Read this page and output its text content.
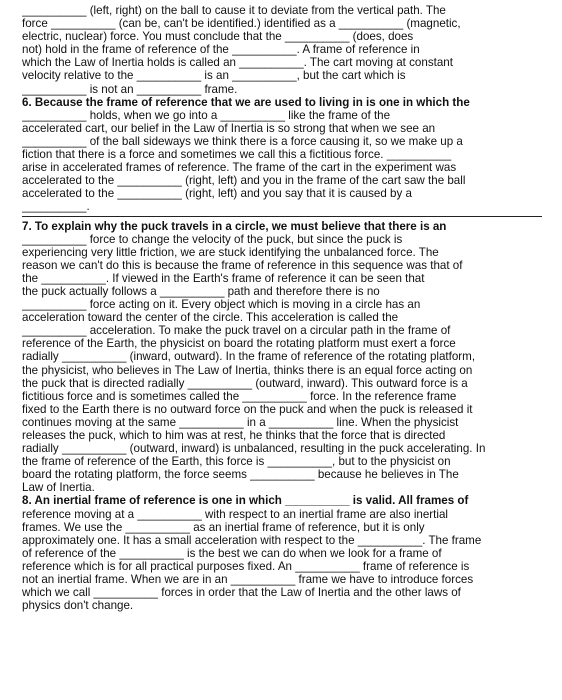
__________ (left, right) on the ball to cause it to deviate from the vertical path. The
force __________ (can be, can't be identified.) identified as a __________ (magnetic,
electric, nuclear) force. You must conclude that the __________ (does, does
not) hold in the frame of reference of the __________. A frame of reference in
which the Law of Inertia holds is called an __________. The cart moving at constant
velocity relative to the __________ is an __________, but the cart which is
__________ is not an __________ frame.
6. Because the frame of reference that we are used to living in is one in which the
__________ holds, when we go into a __________ like the frame of the
accelerated cart, our belief in the Law of Inertia is so strong that when we see an
__________ of the ball sideways we think there is a force causing it, so we make up a
fiction that there is a force and sometimes we call this a fictitious force. __________
arise in accelerated frames of reference. The frame of the cart in the experiment was
accelerated to the __________ (right, left) and you in the frame of the cart saw the ball
accelerated to the __________ (right, left) and you say that it is caused by a
__________.
7. To explain why the puck travels in a circle, we must believe that there is an
__________ force to change the velocity of the puck, but since the puck is
experiencing very little friction, we are stuck identifying the unbalanced force. The
reason we can't do this is because the frame of reference in this sequence was that of
the __________. If viewed in the Earth's frame of reference it can be seen that
the puck actually follows a __________ path and therefore there is no
__________ force acting on it. Every object which is moving in a circle has an
acceleration toward the center of the circle. This acceleration is called the
__________ acceleration. To make the puck travel on a circular path in the frame of
reference of the Earth, the physicist on board the rotating platform must exert a force
radially __________ (inward, outward). In the frame of reference of the rotating platform,
the physicist, who believes in The Law of Inertia, thinks there is an equal force acting on
the puck that is directed radially __________ (outward, inward). This outward force is a
fictitious force and is sometimes called the __________ force. In the reference frame
fixed to the Earth there is no outward force on the puck and when the puck is released it
continues moving at the same __________ in a __________ line. When the physicist
releases the puck, which to him was at rest, he thinks that the force that is directed
radially __________ (outward, inward) is unbalanced, resulting in the puck accelerating. In
the frame of reference of the Earth, this force is __________, but to the physicist on
board the rotating platform, the force seems __________ because he believes in The
Law of Inertia.
8. An inertial frame of reference is one in which __________ is valid. All frames of
reference moving at a __________ with respect to an inertial frame are also inertial
frames. We use the __________ as an inertial frame of reference, but it is only
approximately one. It has a small acceleration with respect to the __________. The frame
of reference of the __________ is the best we can do when we look for a frame of
reference which is for all practical purposes fixed. An __________ frame of reference is
not an inertial frame. When we are in an __________ frame we have to introduce forces
which we call __________ forces in order that the Law of Inertia and the other laws of
physics don't change.
